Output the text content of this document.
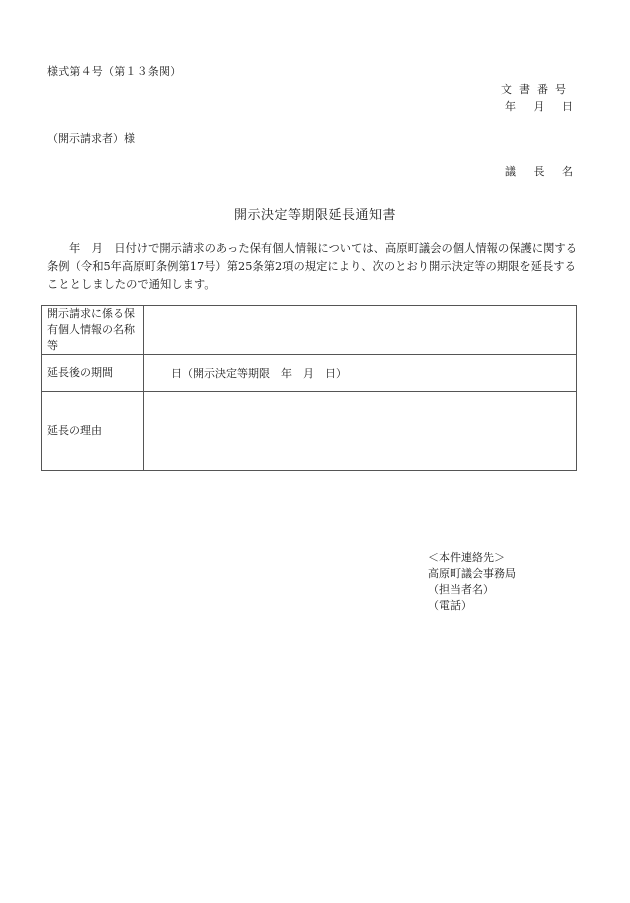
様式第４号（第１３条関）
文書番号
年 月 日
（開示請求者）様
議 長 名
開示決定等期限延長通知書
年　月　日付けで開示請求のあった保有個人情報については、高原町議会の個人情報の保護に関する条例（令和5年高原町条例第17号）第25条第2項の規定により、次のとおり開示決定等の期限を延長することとしましたので通知します。
開示請求に係る保有個人情報の名称等	
延長後の期間	日（開示決定等期限　年　月　日）
延長の理由	
＜本件連絡先＞
高原町議会事務局
（担当者名）
（電話）
